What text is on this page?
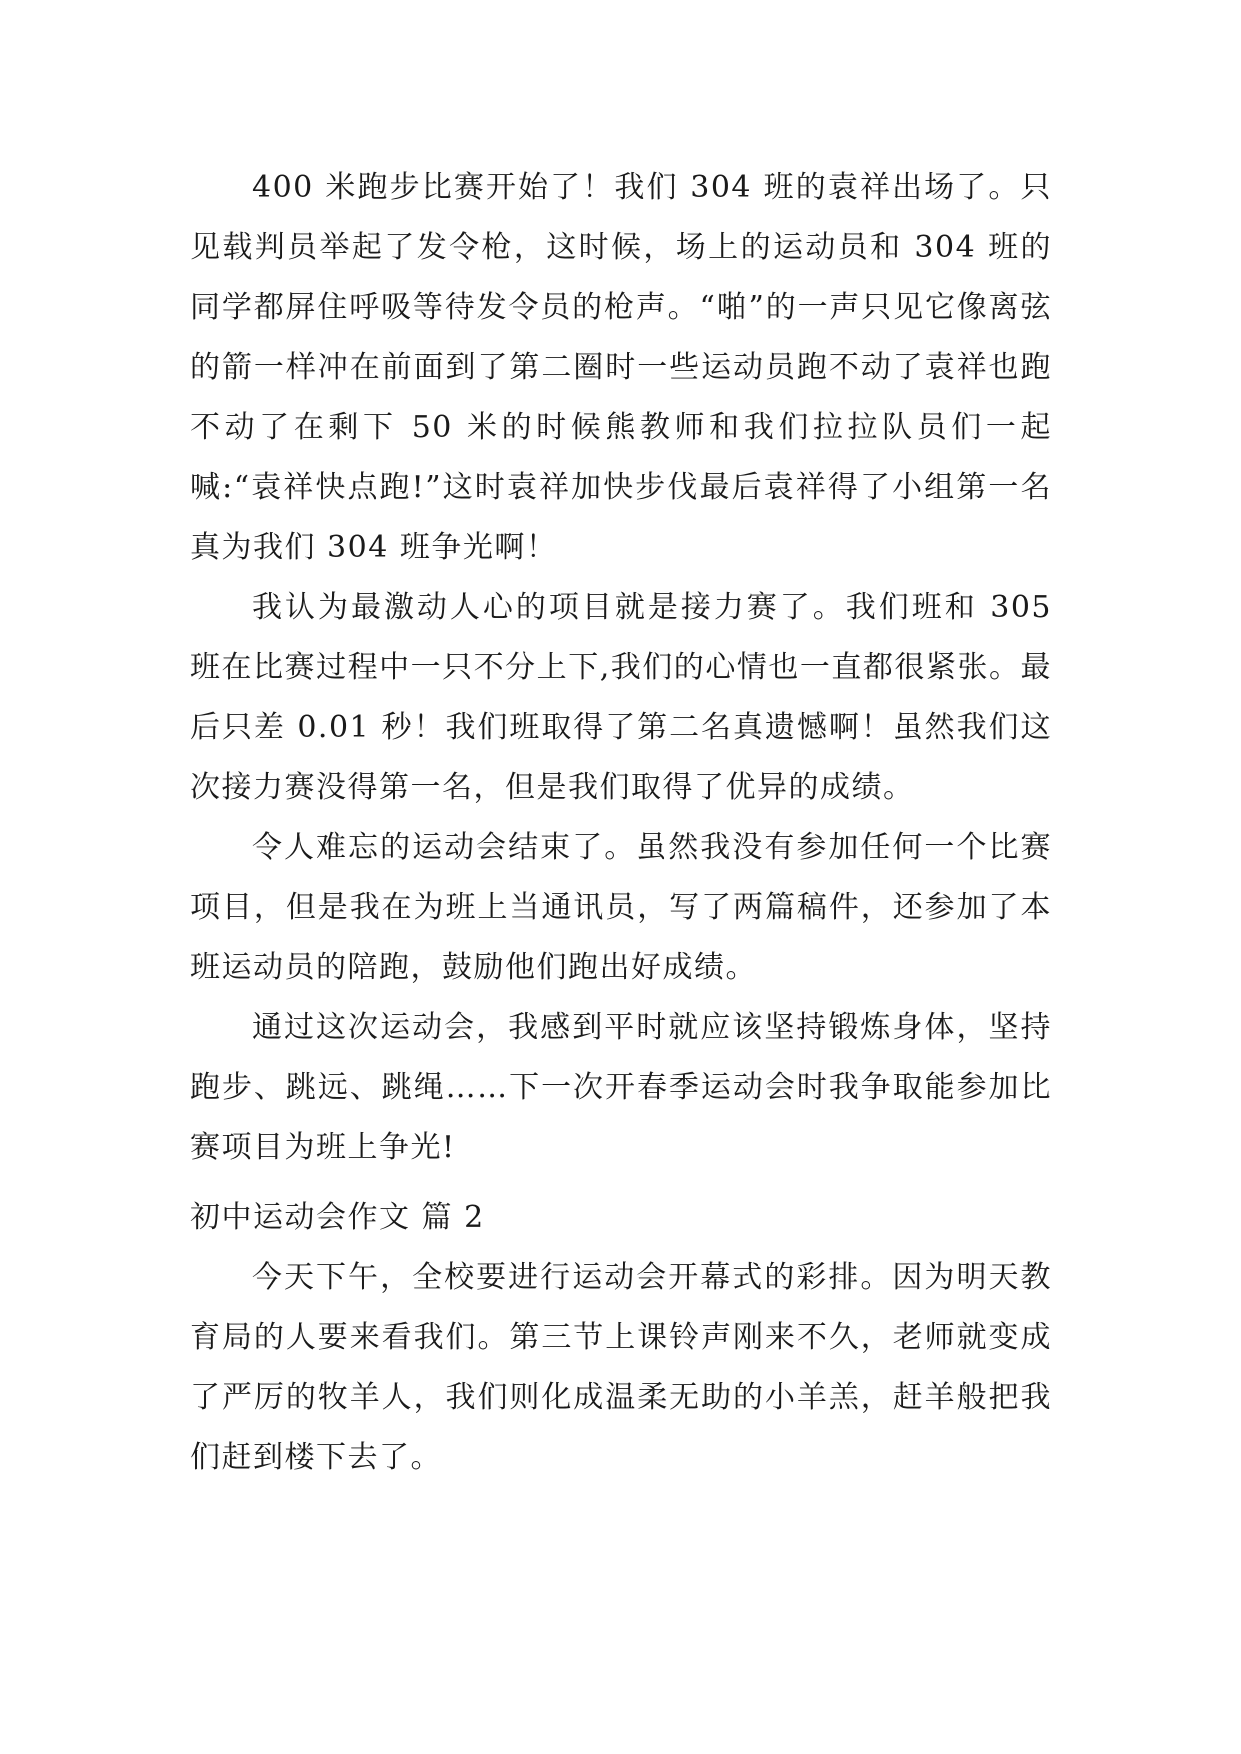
400 米跑步比赛开始了！我们 304 班的袁祥出场了。只见载判员举起了发令枪，这时候，场上的运动员和 304 班的同学都屏住呼吸等待发令员的枪声。“啪”的一声只见它像离弦的箭一样冲在前面到了第二圈时一些运动员跑不动了袁祥也跑不动了在剩下 50 米的时候熊教师和我们拉拉队员们一起喊:“袁祥快点跑!”这时袁祥加快步伐最后袁祥得了小组第一名真为我们 304 班争光啊！

我认为最激动人心的项目就是接力赛了。我们班和 305 班在比赛过程中一只不分上下,我们的心情也一直都很紧张。最后只差 0.01 秒！我们班取得了第二名真遗憾啊！虽然我们这次接力赛没得第一名，但是我们取得了优异的成绩。

令人难忘的运动会结束了。虽然我没有参加任何一个比赛项目，但是我在为班上当通讯员，写了两篇稿件，还参加了本班运动员的陪跑，鼓励他们跑出好成绩。

通过这次运动会，我感到平时就应该坚持锻炼身体，坚持跑步、跳远、跳绳……下一次开春季运动会时我争取能参加比赛项目为班上争光!

初中运动会作文 篇 2

今天下午，全校要进行运动会开幕式的彩排。因为明天教育局的人要来看我们。第三节上课铃声刚来不久，老师就变成了严厉的牧羊人，我们则化成温柔无助的小羊羔，赶羊般把我们赶到楼下去了。
